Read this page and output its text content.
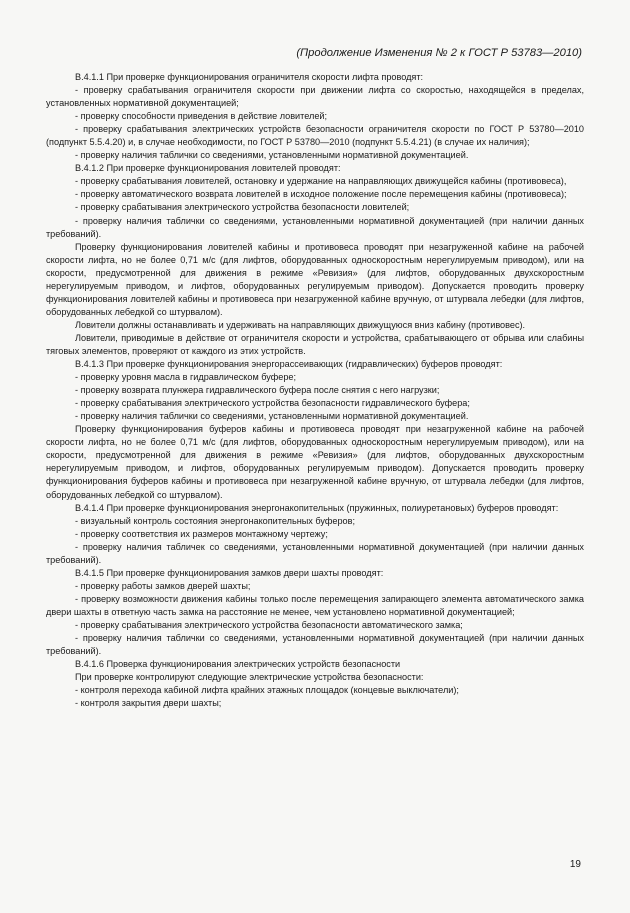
(Продолжение Изменения № 2 к ГОСТ Р 53783—2010)

В.4.1.1 При проверке функционирования ограничителя скорости лифта проводят:

- проверку срабатывания ограничителя скорости при движении лифта со скоростью, находящейся в пределах, установленных нормативной документацией;

- проверку способности приведения в действие ловителей;

- проверку срабатывания электрических устройств безопасности ограничителя скорости по ГОСТ Р 53780—2010 (подпункт 5.5.4.20) и, в случае необходимости, по ГОСТ Р 53780—2010 (подпункт 5.5.4.21) (в случае их наличия);

- проверку наличия таблички со сведениями, установленными нормативной документацией.

В.4.1.2 При проверке функционирования ловителей проводят:

- проверку срабатывания ловителей, остановку и удержание на направляющих движущейся кабины (противовеса),

- проверку автоматического возврата ловителей в исходное положение после перемещения кабины (противовеса);

- проверку срабатывания электрического устройства безопасности ловителей;

- проверку наличия таблички со сведениями, установленными нормативной документацией (при наличии данных требований).

Проверку функционирования ловителей кабины и противовеса проводят при незагруженной кабине на рабочей скорости лифта, но не более 0,71 м/с (для лифтов, оборудованных односкоростным нерегулируемым приводом), или на скорости, предусмотренной для движения в режиме «Ревизия» (для лифтов, оборудованных двухскоростным нерегулируемым приводом, и лифтов, оборудованных регулируемым приводом). Допускается проводить проверку функционирования ловителей кабины и противовеса при незагруженной кабине вручную, от штурвала лебедки (для лифтов, оборудованных лебедкой со штурвалом).

Ловители должны останавливать и удерживать на направляющих движущуюся вниз кабину (противовес).

Ловители, приводимые в действие от ограничителя скорости и устройства, срабатывающего от обрыва или слабины тяговых элементов, проверяют от каждого из этих устройств.

В.4.1.3 При проверке функционирования энергорассеивающих (гидравлических) буферов проводят:

- проверку уровня масла в гидравлическом буфере;

- проверку возврата плунжера гидравлического буфера после снятия с него нагрузки;

- проверку срабатывания электрического устройства безопасности гидравлического буфера;

- проверку наличия таблички со сведениями, установленными нормативной документацией.

Проверку функционирования буферов кабины и противовеса проводят при незагруженной кабине на рабочей скорости лифта, но не более 0,71 м/с (для лифтов, оборудованных односкоростным нерегулируемым приводом), или на скорости, предусмотренной для движения в режиме «Ревизия» (для лифтов, оборудованных двухскоростным нерегулируемым приводом, и лифтов, оборудованных регулируемым приводом). Допускается проводить проверку функционирования буферов кабины и противовеса при незагруженной кабине вручную, от штурвала лебедки (для лифтов, оборудованных лебедкой со штурвалом).

В.4.1.4 При проверке функционирования энергонакопительных (пружинных, полиуретановых) буферов проводят:

- визуальный контроль состояния энергонакопительных буферов;

- проверку соответствия их размеров монтажному чертежу;

- проверку наличия табличек со сведениями, установленными нормативной документацией (при наличии данных требований).

В.4.1.5 При проверке функционирования замков двери шахты проводят:

- проверку работы замков дверей шахты;

- проверку возможности движения кабины только после перемещения запирающего элемента автоматического замка двери шахты в ответную часть замка на расстояние не менее, чем установлено нормативной документацией;

- проверку срабатывания электрического устройства безопасности автоматического замка;

- проверку наличия таблички со сведениями, установленными нормативной документацией (при наличии данных требований).

В.4.1.6 Проверка функционирования электрических устройств безопасности

При проверке контролируют следующие электрические устройства безопасности:

- контроля перехода кабиной лифта крайних этажных площадок (концевые выключатели);

- контроля закрытия двери шахты;

19
